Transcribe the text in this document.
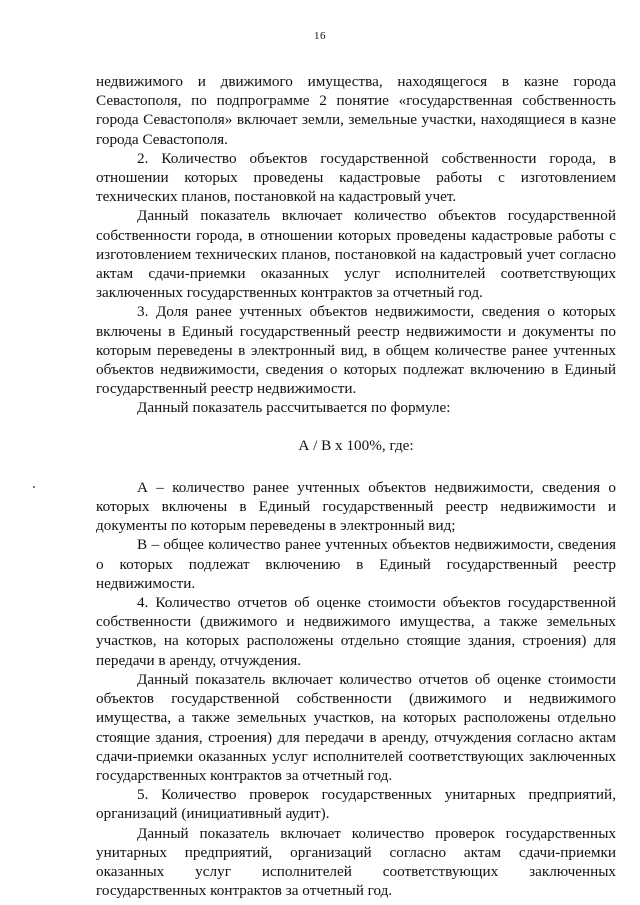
16

недвижимого и движимого имущества, находящегося в казне города Севастополя, по подпрограмме 2 понятие «государственная собственность города Севастополя» включает земли, земельные участки, находящиеся в казне города Севастополя.

2. Количество объектов государственной собственности города, в отношении которых проведены кадастровые работы с изготовлением технических планов, постановкой на кадастровый учет.

Данный показатель включает количество объектов государственной собственности города, в отношении которых проведены кадастровые работы с изготовлением технических планов, постановкой на кадастровый учет согласно актам сдачи-приемки оказанных услуг исполнителей соответствующих заключенных государственных контрактов за отчетный год.

3. Доля ранее учтенных объектов недвижимости, сведения о которых включены в Единый государственный реестр недвижимости и документы по которым переведены в электронный вид, в общем количестве ранее учтенных объектов недвижимости, сведения о которых подлежат включению в Единый государственный реестр недвижимости.

Данный показатель рассчитывается по формуле:

А / В х 100%, где:

А – количество ранее учтенных объектов недвижимости, сведения о которых включены в Единый государственный реестр недвижимости и документы по которым переведены в электронный вид;

В – общее количество ранее учтенных объектов недвижимости, сведения о которых подлежат включению в Единый государственный реестр недвижимости.

4. Количество отчетов об оценке стоимости объектов государственной собственности (движимого и недвижимого имущества, а также земельных участков, на которых расположены отдельно стоящие здания, строения) для передачи в аренду, отчуждения.

Данный показатель включает количество отчетов об оценке стоимости объектов государственной собственности (движимого и недвижимого имущества, а также земельных участков, на которых расположены отдельно стоящие здания, строения) для передачи в аренду, отчуждения согласно актам сдачи-приемки оказанных услуг исполнителей соответствующих заключенных государственных контрактов за отчетный год.

5. Количество проверок государственных унитарных предприятий, организаций (инициативный аудит).

Данный показатель включает количество проверок государственных унитарных предприятий, организаций согласно актам сдачи-приемки оказанных услуг исполнителей соответствующих заключенных государственных контрактов за отчетный год.
